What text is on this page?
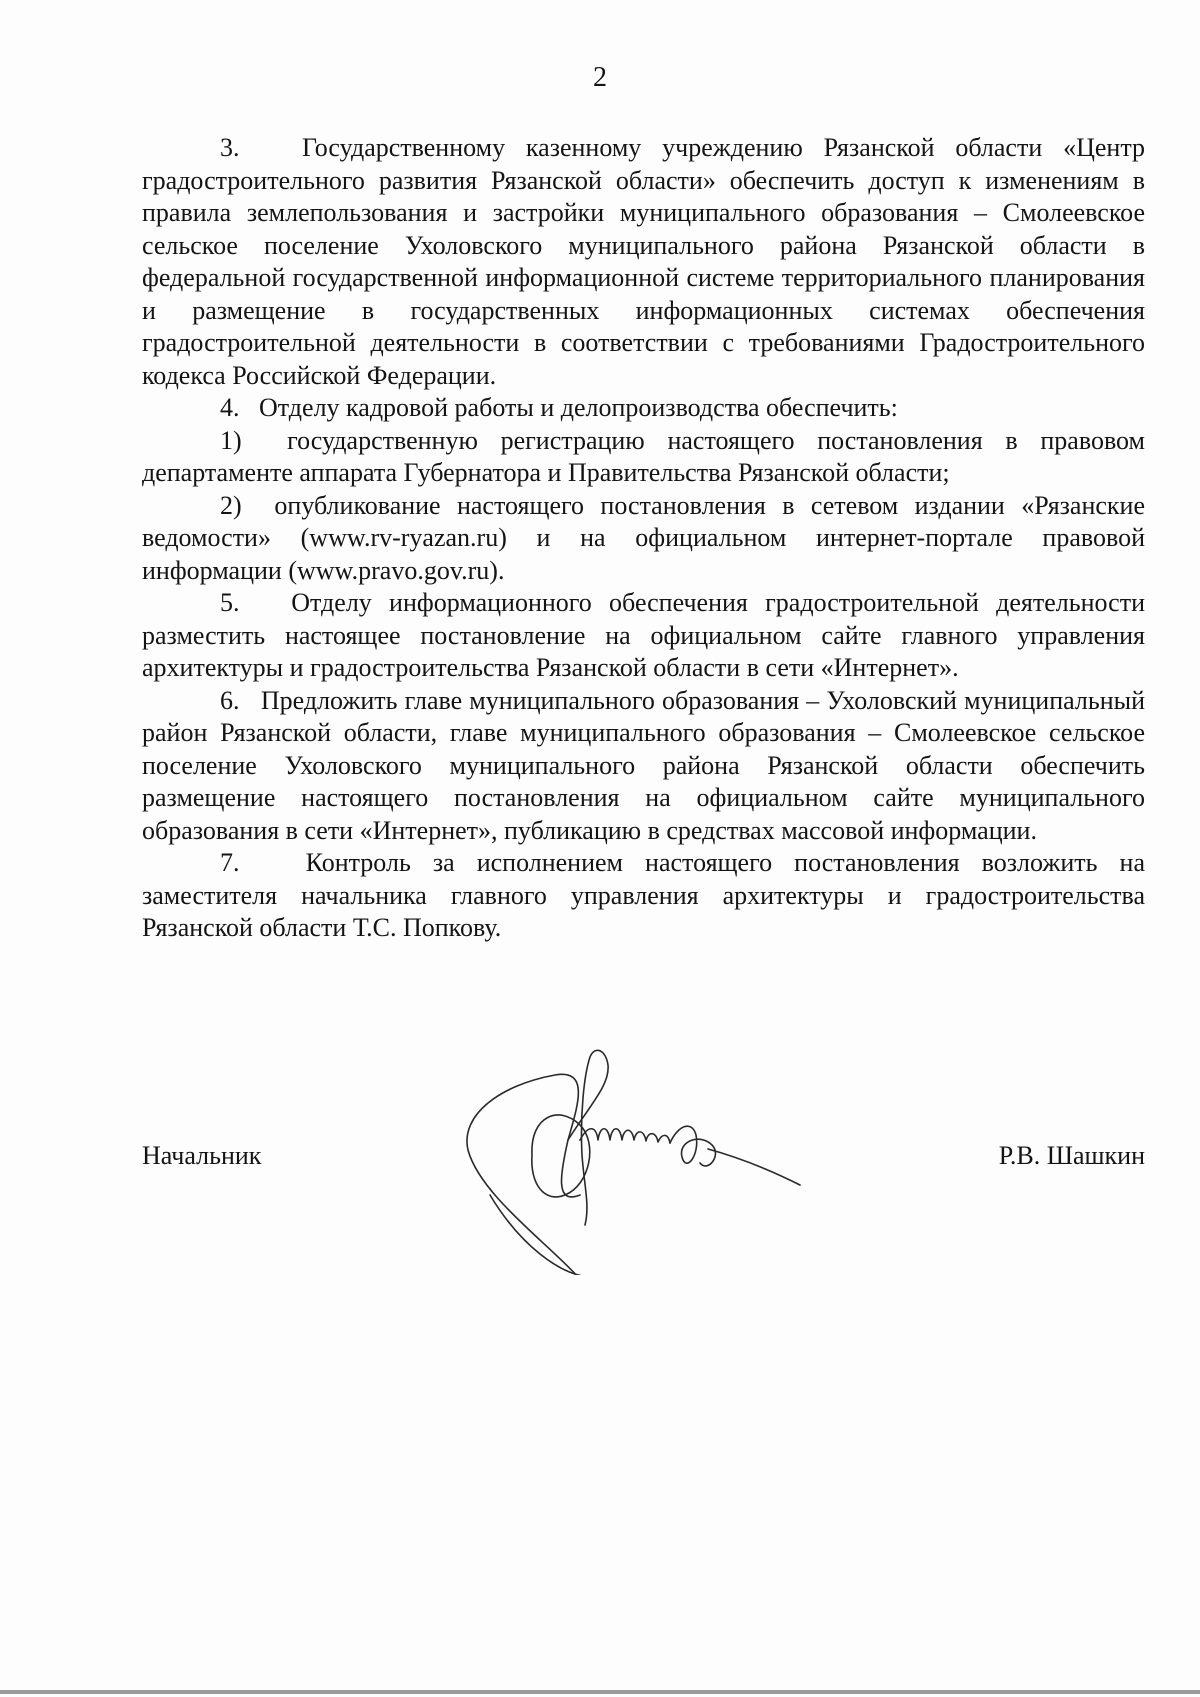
2

3.   Государственному казенному учреждению Рязанской области «Центр градостроительного развития Рязанской области» обеспечить доступ к изменениям в правила землепользования и застройки муниципального образования – Смолеевское сельское поселение Ухоловского муниципального района Рязанской области в федеральной государственной информационной системе территориального планирования и размещение в государственных информационных системах обеспечения градостроительной деятельности в соответствии с требованиями Градостроительного кодекса Российской Федерации.

4.   Отделу кадровой работы и делопроизводства обеспечить:

1)  государственную регистрацию настоящего постановления в правовом департаменте аппарата Губернатора и Правительства Рязанской области;

2)  опубликование настоящего постановления в сетевом издании «Рязанские ведомости» (www.rv-ryazan.ru) и на официальном интернет-портале правовой информации (www.pravo.gov.ru).

5.   Отделу информационного обеспечения градостроительной деятельности разместить настоящее постановление на официальном сайте главного управления архитектуры и градостроительства Рязанской области в сети «Интернет».

6.   Предложить главе муниципального образования – Ухоловский муниципальный район Рязанской области, главе муниципального образования – Смолеевское сельское поселение Ухоловского муниципального района Рязанской области обеспечить размещение настоящего постановления на официальном сайте муниципального образования в сети «Интернет», публикацию в средствах массовой информации.

7.   Контроль за исполнением настоящего постановления возложить на заместителя начальника главного управления архитектуры и градостроительства Рязанской области Т.С. Попкову.

Начальник	Р.В. Шашкин
